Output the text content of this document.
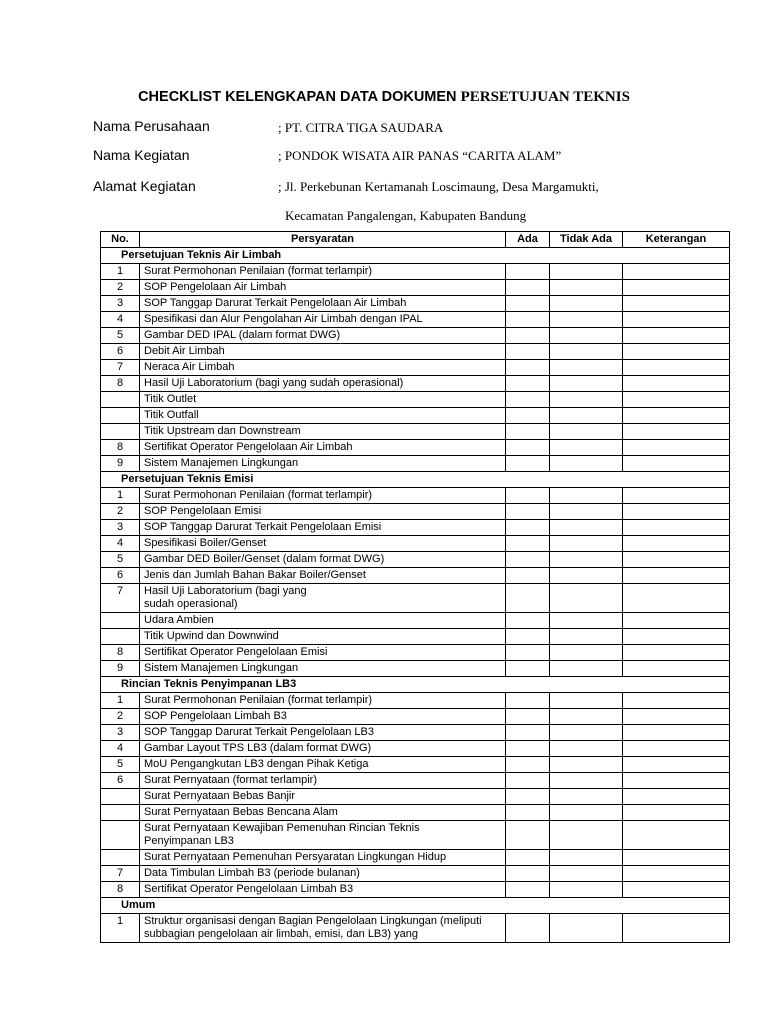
CHECKLIST KELENGKAPAN DATA DOKUMEN PERSETUJUAN TEKNIS
Nama Perusahaan	; PT. CITRA TIGA SAUDARA
Nama Kegiatan	; PONDOK WISATA AIR PANAS “CARITA ALAM”
Alamat Kegiatan	; Jl. Perkebunan Kertamanah Loscimaung, Desa Margamukti,
Kecamatan Pangalengan, Kabupaten Bandung
No.	Persyaratan	Ada	Tidak Ada	Keterangan
Persetujuan Teknis Air Limbah				
1	Surat Permohonan Penilaian (format terlampir)			

2	SOP Pengelolaan Air Limbah			

3	SOP Tanggap Darurat Terkait Pengelolaan Air Limbah			

4	Spesifikasi dan Alur Pengolahan Air Limbah dengan IPAL			

5	Gambar DED IPAL (dalam format DWG)			

6	Debit Air Limbah			

7	Neraca Air Limbah			

8	Hasil Uji Laboratorium (bagi yang sudah operasional)			

	Titik Outlet			

	Titik Outfall			

	Titik Upstream dan Downstream			

8	Sertifikat Operator Pengelolaan Air Limbah			

9	Sistem Manajemen Lingkungan			

Persetujuan Teknis Emisi				
1	Surat Permohonan Penilaian (format terlampir)			

2	SOP Pengelolaan Emisi			

3	SOP Tanggap Darurat Terkait Pengelolaan Emisi			

4	Spesifikasi Boiler/Genset			

5	Gambar DED Boiler/Genset (dalam format DWG)			

6	Jenis dan Jumlah Bahan Bakar Boiler/Genset			

7	Hasil Uji Laboratorium (bagi yang
sudah operasional)			

	Udara Ambien			

	Titik Upwind dan Downwind			

8	Sertifikat Operator Pengelolaan Emisi			

9	Sistem Manajemen Lingkungan			

Rincian Teknis Penyimpanan LB3				
1	Surat Permohonan Penilaian (format terlampir)			

2	SOP Pengelolaan Limbah B3			

3	SOP Tanggap Darurat Terkait Pengelolaan LB3			

4	Gambar Layout TPS LB3 (dalam format DWG)			

5	MoU Pengangkutan LB3 dengan Pihak Ketiga			

6	Surat Pernyataan (format terlampir)			

	Surat Pernyataan Bebas Banjir			

	Surat Pernyataan Bebas Bencana Alam			

	Surat Pernyataan Kewajiban Pemenuhan Rincian Teknis
Penyimpanan LB3			

	Surat Pernyataan Pemenuhan Persyaratan Lingkungan Hidup			

7	Data Timbulan Limbah B3 (periode bulanan)			

8	Sertifikat Operator Pengelolaan Limbah B3			

Umum				
1	Struktur organisasi dengan Bagian Pengelolaan Lingkungan (meliputi
subbagian pengelolaan air limbah, emisi, dan LB3) yang			
